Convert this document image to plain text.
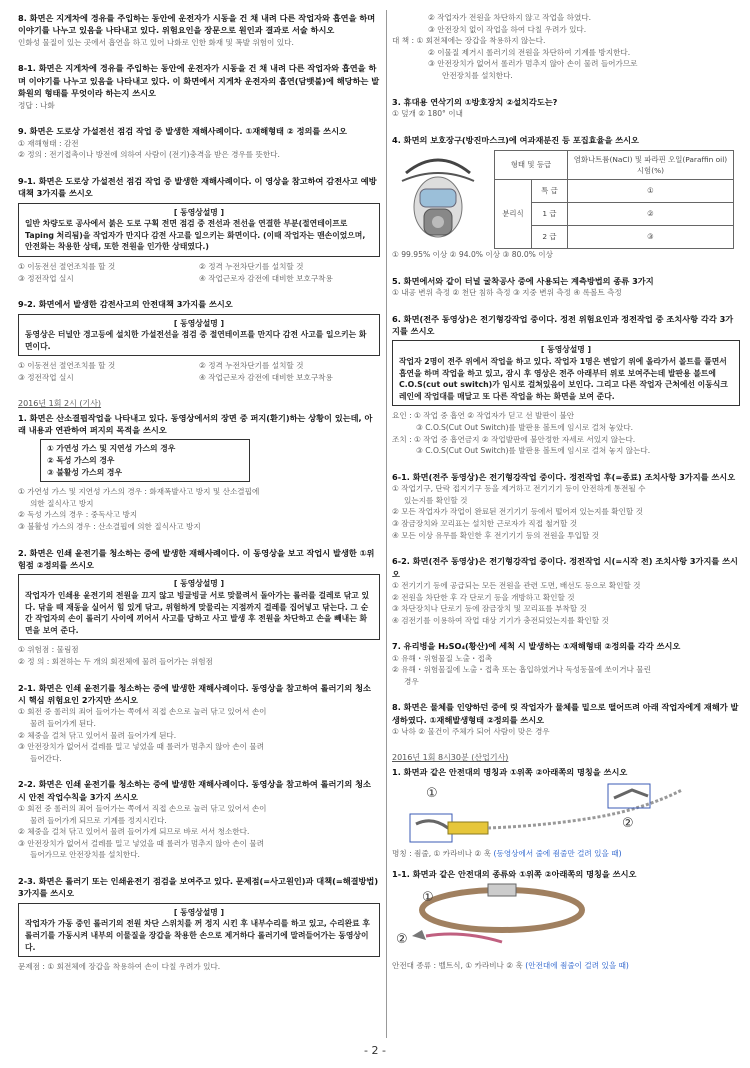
8. 화면은 지게차에 경유를 주입하는 동안에 운전자가 시동을 건 채 내려 다른 작업자와 흡연을 하며 이야기를 나누고 있음을 나타내고 있다. 위험요인을 장문으로 원인과 결과로 서술 하시오
인화성 물질이 있는 곳에서 흡연을 하고 있어 나화로 인한 화재 및 폭발 위험이 있다.
8-1. 화면은 지게차에 경유를 주입하는 동안에 운전자가 시동을 건 채 내려 다른 작업자와 흡연을 하며 이야기를 나누고 있음을 나타내고 있다. 이 화면에서 지게차 운전자의 흡연(담뱃불)에 해당하는 발화원의 형태를 무엇이라 하는지 쓰시오
정답 : 나화
9. 화면은 도로상 가설전선 점검 작업 중 발생한 재해사례이다. ①재해형태 ② 정의를 쓰시오
① 재해형태 : 감전
② 정의 : 전기접촉이나 방전에 의하여 사람이 (전기)충격을 받은 경우를 뜻한다.
9-1. 화면은 도로상 가설전선 점검 작업 중 발생한 재해사례이다. 이 영상을 참고하여 감전사고 예방대책 3가지를 쓰시오
[ 동영상설명 ]
일반 차량도로 공사에서 붉은 도로 구획 전면 점검 중 전선과 전선을 연결한 부분(절연테이프로 Taping 처리됨)을 작업자가 만지다 감전 사고를 일으키는 화면이다. (이때 작업자는 맨손이었으며, 안전화는 착용한 상태, 또한 전원을 인가한 상태였다.)
① 이동전선 절연조치를 할 것	② 정격 누전차단기를 설치할 것
③ 정전작업 실시	④ 작업근로자 감전에 대비한 보호구착용
9-2. 화면에서 발생한 감전사고의 안전대책 3가지를 쓰시오
[ 동영상설명 ]
동영상은 터널안 경고등에 설치한 가설전선을 점검 중 절연테이프를 만지다 감전 사고를 일으키는 화면이다.
① 이동전선 절연조치를 할 것	② 정격 누전차단기를 설치할 것
③ 정전작업 실시	④ 작업근로자 감전에 대비한 보호구착용
2016년 1회 2시 (기사)
1. 화면은 산소결핍작업을 나타내고 있다. 동영상에서의 장면 중 퍼지(환기)하는 상황이 있는데, 아래 내용과 연관하여 퍼지의 목적을 쓰시오
① 가연성 가스 및 지연성 가스의 경우
② 독성 가스의 경우
③ 불활성 가스의 경우
① 가연성 가스 및 지연성 가스의 경우 : 화재폭발사고 방지 및 산소결핍에
의한 질식사고 방지
② 독성 가스의 경우 : 중독사고 방지
③ 불활성 가스의 경우 : 산소결핍에 의한 질식사고 방지
2. 화면은 인쇄 윤전기를 청소하는 중에 발생한 재해사례이다. 이 동영상을 보고 작업시 발생한 ①위험점 ②정의를 쓰시오
[ 동영상설명 ]
작업자가 인쇄용 윤전기의 전원을 끄지 않고 빙글빙글 서로 맞물려서 돌아가는 롤러를 걸레로 닦고 있다. 닦을 때 재동을 실어서 힘 있게 닦고, 위험하게 맞물리는 지점까지 걸레를 집어넣고 닦는다. 그 순간 작업자의 손이 롤러기 사이에 끼어서 사고를 당하고 사고 발생 후 전원을 차단하고 손을 빼내는 화면을 보여 준다.
① 위험점 : 물림점
② 정 의 : 회전하는 두 개의 회전체에 물려 들어가는 위험점
2-1. 화면은 인쇄 윤전기를 청소하는 중에 발생한 재해사례이다. 동영상을 참고하여 롤러기의 청소 시 핵심 위험요인 2가지만 쓰시오
① 회전 중 롤러의 죄어 들어가는 쪽에서 직접 손으로 눌러 닦고 있어서 손이
물려 들어가게 된다.
② 체중을 걸쳐 닦고 있어서 물려 들어가게 된다.
③ 안전장치가 없어서 걸레를 밀고 넣었을 때 롤러가 멈추지 않아 손이 물려
들어간다.
2-2. 화면은 인쇄 윤전기를 청소하는 중에 발생한 재해사례이다. 동영상을 참고하여 롤러기의 청소 시 안전 작업수칙을 3가지 쓰시오
① 회전 중 롤러의 죄어 들어가는 쪽에서 직접 손으로 눌러 닦고 있어서 손이
물려 들어가게 되므로 기계를 정지시킨다.
② 체중을 걸쳐 닦고 있어서 물려 들어가게 되므로 바로 서서 청소한다.
③ 안전장치가 없어서 걸레를 밀고 넣었을 때 롤러가 멈추지 않아 손이 물려
들어가므로 안전장치를 설치한다.
2-3. 화면은 롤러기 또는 인쇄윤전기 점검을 보여주고 있다. 문제점(=사고원인)과 대책(=해결방법) 3가지를 쓰시오
[ 동영상설명 ]
작업자가 가동 중인 롤러기의 전원 차단 스위치를 꺼 정지 시킨 후 내부수리를 하고 있고, 수리완료 후 롤러기를 가동시켜 내부의 이물질을 장갑을 착용한 손으로 제거하다 롤러기에 말려들어가는 동영상이다.
문제점 : ① 회전체에 장갑을 착용하여 손이 다칠 우려가 있다.
② 작업자가 전원을 차단하지 않고 작업을 하였다.
③ 안전장치 없이 작업을 하여 다칠 우려가 있다.
대 책 : ① 회전체에는 장갑을 착용하지 않는다.
② 이물질 제거시 롤러기의 전원을 차단하여 기계를 방지한다.
③ 안전장치가 없어서 롤러가 멈추지 않아 손이 물려 들어가므로
안전장치를 설치한다.
3. 휴대용 연삭기의 ①방호장치 ②설치각도는?
① 덮개 ② 180° 이내
4. 화면의 보호장구(방진마스크)에 여과재분진 등 포집효율을 쓰시오
형태 및 등급		염화나트륨(NaCl) 및 파라핀 오일(Paraffin oil) 시험(%)
분리식	특 급	①
	1 급	②
	2 급	③
① 99.95% 이상 ② 94.0% 이상 ③ 80.0% 이상
5. 화면에서와 같이 터널 굴착공사 중에 사용되는 계측방법의 종류 3가지
① 내공 변위 측정 ② 천단 침하 측정 ③ 지중 변위 측정 ④ 록볼트 측정
6. 화면(전주 동영상)은 전기형강작업 중이다. 정전 위험요인과 정전작업 중 조치사항 각각 3가지를 쓰시오
[ 동영상설명 ]
작업자 2명이 전주 위에서 작업을 하고 있다. 작업자 1명은 변압기 위에 올라가서 볼트를 풀면서 흡연을 하며 작업을 하고 있고, 잠시 후 영상은 전주 아래부터 위로 보여주는데 발판용 볼트에 C.O.S(cut out switch)가 임시로 걸쳐있음이 보인다. 그리고 다른 작업자 근처에선 이동식크레인에 작업대를 매달고 또 다른 작업을 하는 화면을 보여 준다.
요인 : ① 작업 중 흡연 ② 작업자가 딛고 선 발판이 불안
③ C.O.S(Cut Out Switch)를 발판용 볼트에 임시로 걸쳐 놓았다.
조치 : ① 작업 중 흡연금지 ② 작업발판에 불안정한 자세로 서있지 않는다.
③ C.O.S(Cut Out Switch)를 발판용 볼트에 임시로 걸쳐 놓지 않는다.
6-1. 화면(전주 동영상)은 전기형강작업 중이다. 정전작업 후(=종료) 조치사항 3가지를 쓰시오
① 작업기구, 단락 접지기구 등을 제거하고 전기기기 등이 안전하게 통전될 수
있는지를 확인할 것
② 모든 작업자가 작업이 완료된 전기기기 등에서 떨어져 있는지를 확인할 것
③ 잠금장치와 꼬리표는 설치한 근로자가 직접 철거할 것
④ 모든 이상 유무를 확인한 후 전기기기 등의 전원을 투입할 것
6-2. 화면(전주 동영상)은 전기형강작업 중이다. 정전작업 시(=시작 전) 조치사항 3가지를 쓰시오
① 전기기기 등에 공급되는 모든 전원을 관련 도면, 배선도 등으로 확인할 것
② 전원을 차단한 후 각 단로기 등을 개방하고 확인할 것
③ 차단장치나 단로기 등에 잠금장치 및 꼬리표를 부착할 것
④ 검전기를 이용하여 작업 대상 기기가 충전되었는지를 확인할 것
7. 유리병을 H₂SO₄(황산)에 세척 시 발생하는 ①재해형태 ②정의를 각각 쓰시오
① 유해・위험물질 노출・접촉
② 유해・위험물질에 노출・접촉 또는 흡입하였거나 독성동물에 쏘이거나 물린
경우
8. 화면은 물체를 인양하던 중에 릿 작업자가 물체를 밑으로 떨어뜨려 아래 작업자에게 재해가 발생하였다. ①재해발생형태 ②정의를 쓰시오
① 낙하 ② 물건이 주체가 되어 사람이 맞은 경우
2016년 1회 8시30분 (산업기사)
1. 화면과 같은 안전대의 명칭과 ①위쪽 ②아래쪽의 명칭을 쓰시오
①
②
명칭 : 죔줄, ① 카라비나 ② 훅 (동영상에서 줄에 죔줄만 걸려 있을 때)
1-1. 화면과 같은 안전대의 종류와 ①위쪽 ②아래쪽의 명칭을 쓰시오
①
②
안전대 종류 : 벨트식, ① 카라비나 ② 훅 (안전대에 죔줄이 걸려 있을 때)
- 2 -
